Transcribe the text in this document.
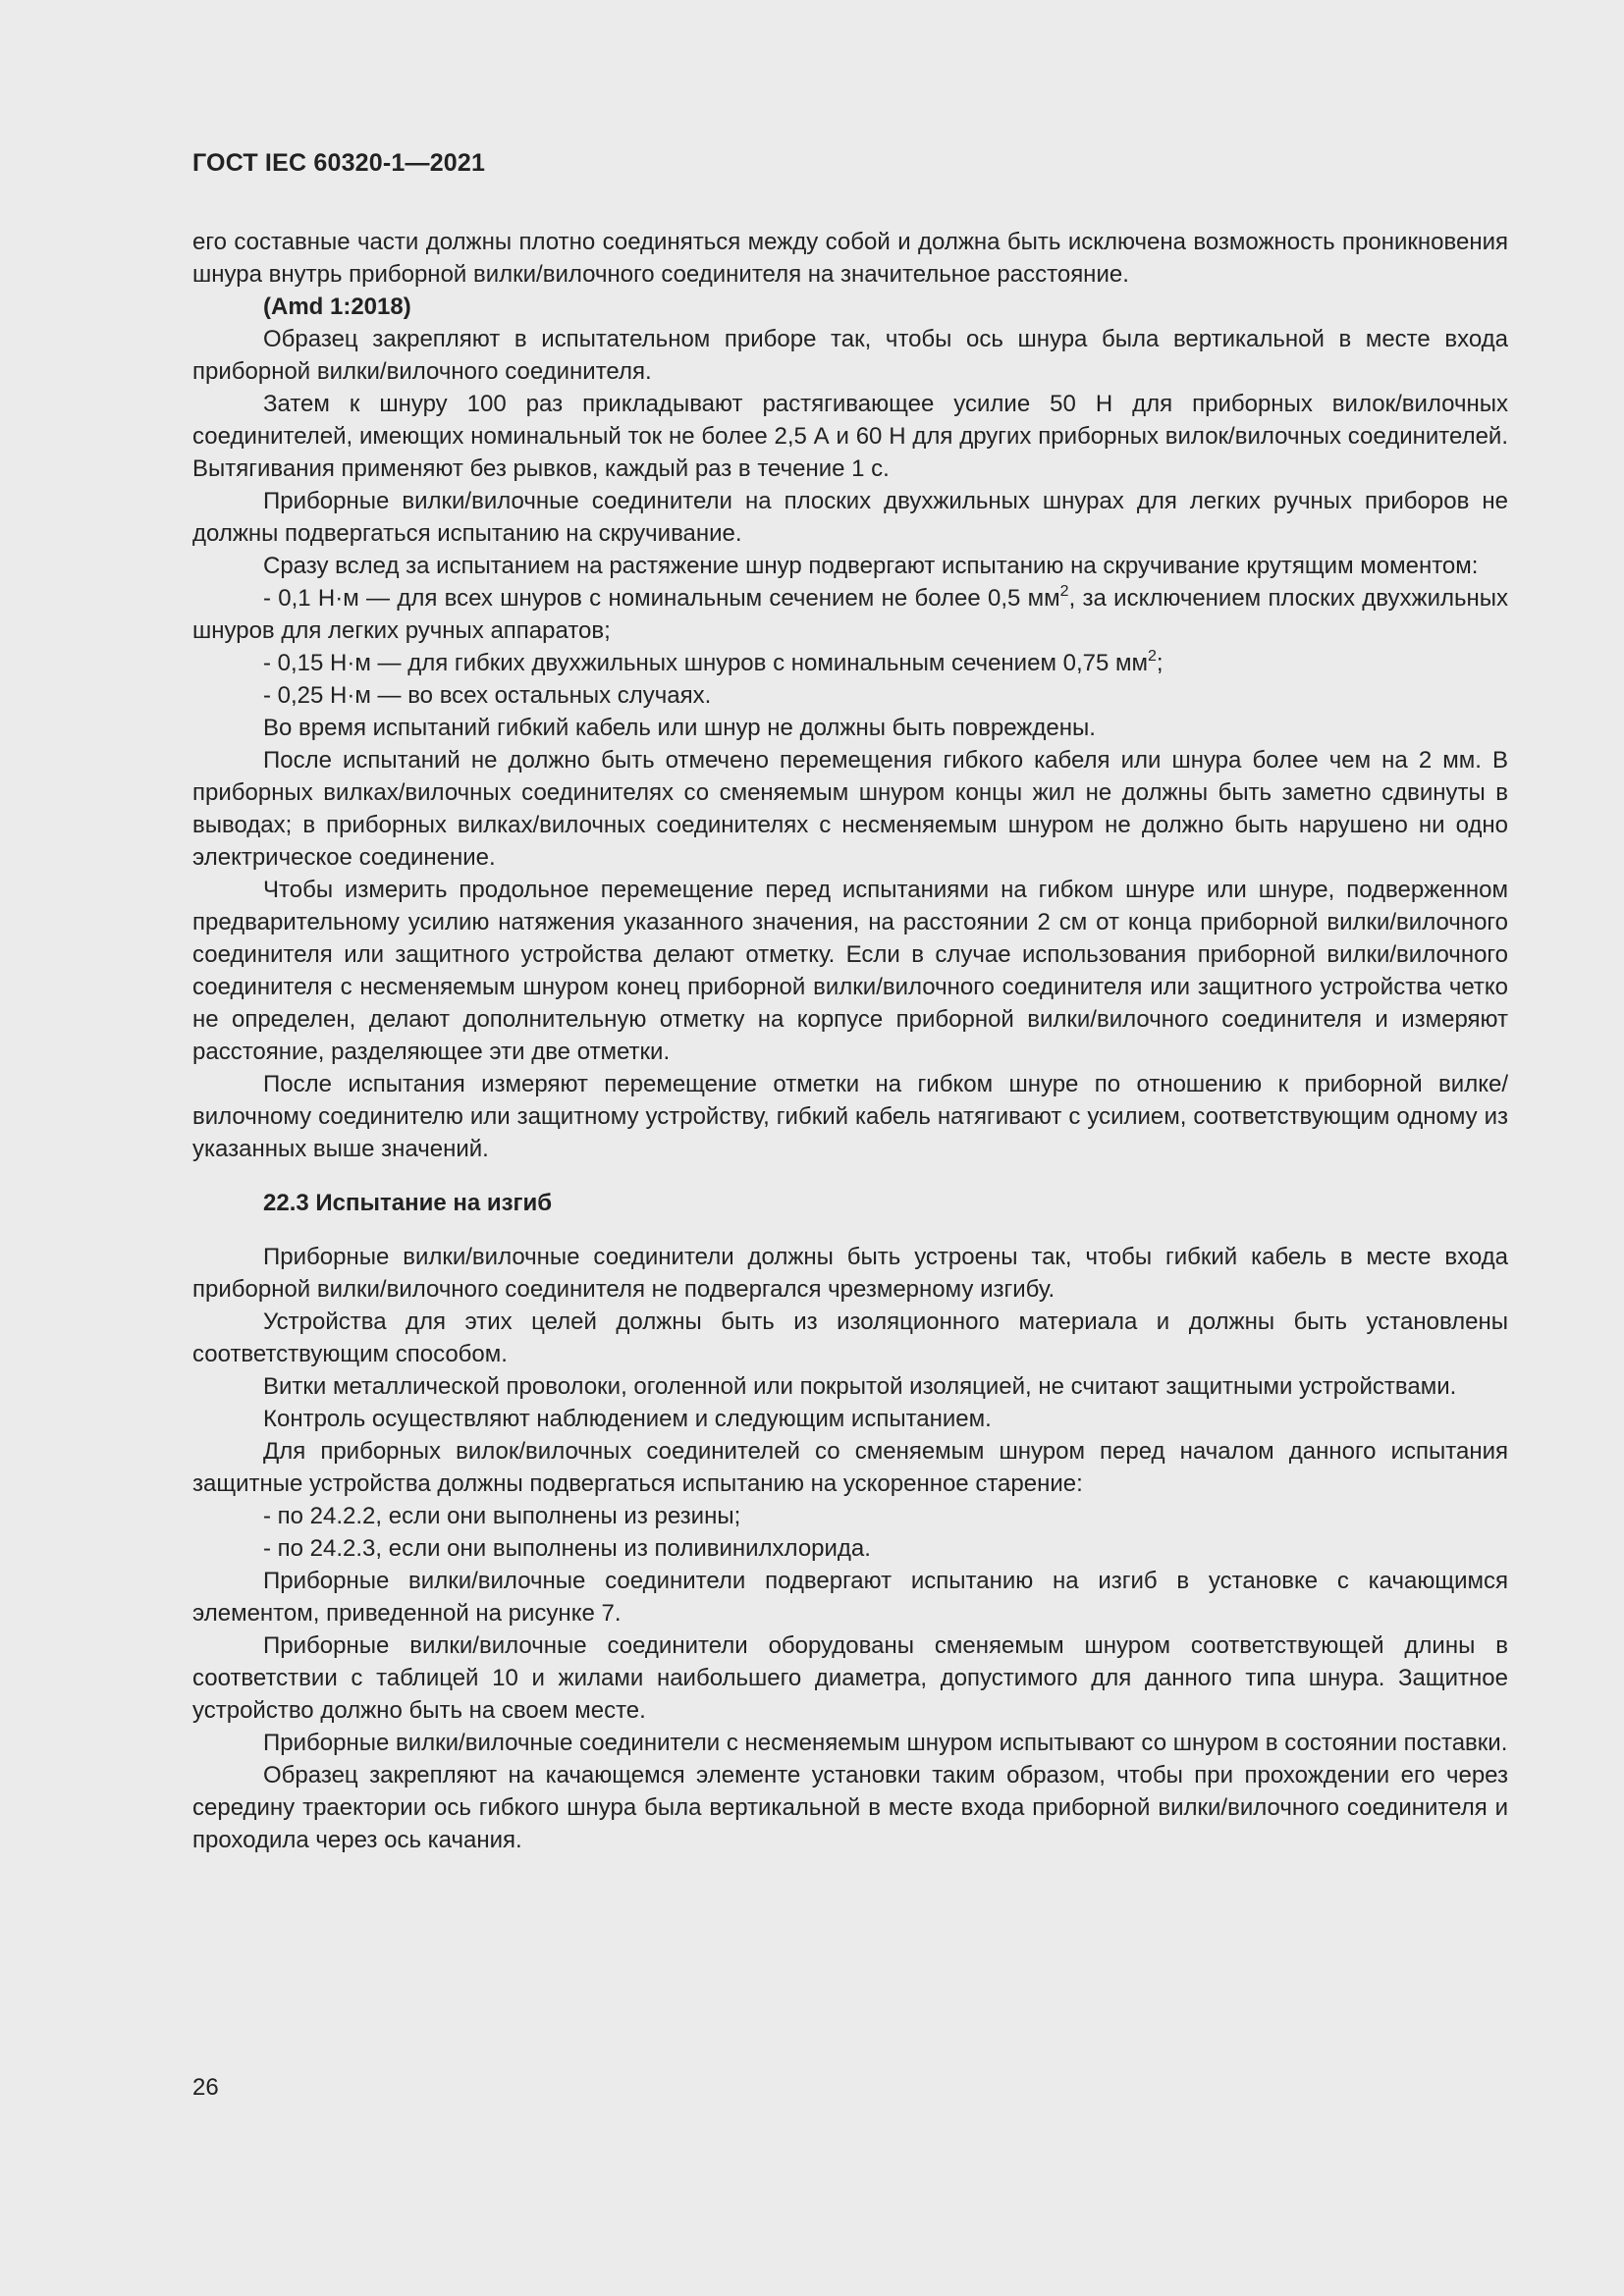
ГОСТ IEC 60320-1—2021

его составные части должны плотно соединяться между собой и должна быть исключена возможность проникновения шнура внутрь приборной вилки/вилочного соединителя на значительное расстояние.

(Amd 1:2018)

Образец закрепляют в испытательном приборе так, чтобы ось шнура была вертикальной в месте входа приборной вилки/вилочного соединителя.

Затем к шнуру 100 раз прикладывают растягивающее усилие 50 Н для приборных вилок/вилочных соединителей, имеющих номинальный ток не более 2,5 А и 60 Н для других приборных вилок/вилочных соединителей. Вытягивания применяют без рывков, каждый раз в течение 1 с.

Приборные вилки/вилочные соединители на плоских двухжильных шнурах для легких ручных приборов не должны подвергаться испытанию на скручивание.

Сразу вслед за испытанием на растяжение шнур подвергают испытанию на скручивание крутящим моментом:

- 0,1 Н·м — для всех шнуров с номинальным сечением не более 0,5 $мм^2$, за исключением плоских двухжильных шнуров для легких ручных аппаратов;

- 0,15 Н·м — для гибких двухжильных шнуров с номинальным сечением 0,75 $мм^2$;

- 0,25 Н·м — во всех остальных случаях.

Во время испытаний гибкий кабель или шнур не должны быть повреждены.

После испытаний не должно быть отмечено перемещения гибкого кабеля или шнура более чем на 2 мм. В приборных вилках/вилочных соединителях со сменяемым шнуром концы жил не должны быть заметно сдвинуты в выводах; в приборных вилках/вилочных соединителях с несменяемым шнуром не должно быть нарушено ни одно электрическое соединение.

Чтобы измерить продольное перемещение перед испытаниями на гибком шнуре или шнуре, подверженном предварительному усилию натяжения указанного значения, на расстоянии 2 см от конца приборной вилки/вилочного соединителя или защитного устройства делают отметку. Если в случае использования приборной вилки/вилочного соединителя с несменяемым шнуром конец приборной вилки/вилочного соединителя или защитного устройства четко не определен, делают дополнительную отметку на корпусе приборной вилки/вилочного соединителя и измеряют расстояние, разделяющее эти две отметки.

После испытания измеряют перемещение отметки на гибком шнуре по отношению к приборной вилке/вилочному соединителю или защитному устройству, гибкий кабель натягивают с усилием, соответствующим одному из указанных выше значений.

22.3 Испытание на изгиб

Приборные вилки/вилочные соединители должны быть устроены так, чтобы гибкий кабель в месте входа приборной вилки/вилочного соединителя не подвергался чрезмерному изгибу.

Устройства для этих целей должны быть из изоляционного материала и должны быть установлены соответствующим способом.

Витки металлической проволоки, оголенной или покрытой изоляцией, не считают защитными устройствами.

Контроль осуществляют наблюдением и следующим испытанием.

Для приборных вилок/вилочных соединителей со сменяемым шнуром перед началом данного испытания защитные устройства должны подвергаться испытанию на ускоренное старение:

- по 24.2.2, если они выполнены из резины;

- по 24.2.3, если они выполнены из поливинилхлорида.

Приборные вилки/вилочные соединители подвергают испытанию на изгиб в установке с качающимся элементом, приведенной на рисунке 7.

Приборные вилки/вилочные соединители оборудованы сменяемым шнуром соответствующей длины в соответствии с таблицей 10 и жилами наибольшего диаметра, допустимого для данного типа шнура. Защитное устройство должно быть на своем месте.

Приборные вилки/вилочные соединители с несменяемым шнуром испытывают со шнуром в состоянии поставки.

Образец закрепляют на качающемся элементе установки таким образом, чтобы при прохождении его через середину траектории ось гибкого шнура была вертикальной в месте входа приборной вилки/вилочного соединителя и проходила через ось качания.

26
